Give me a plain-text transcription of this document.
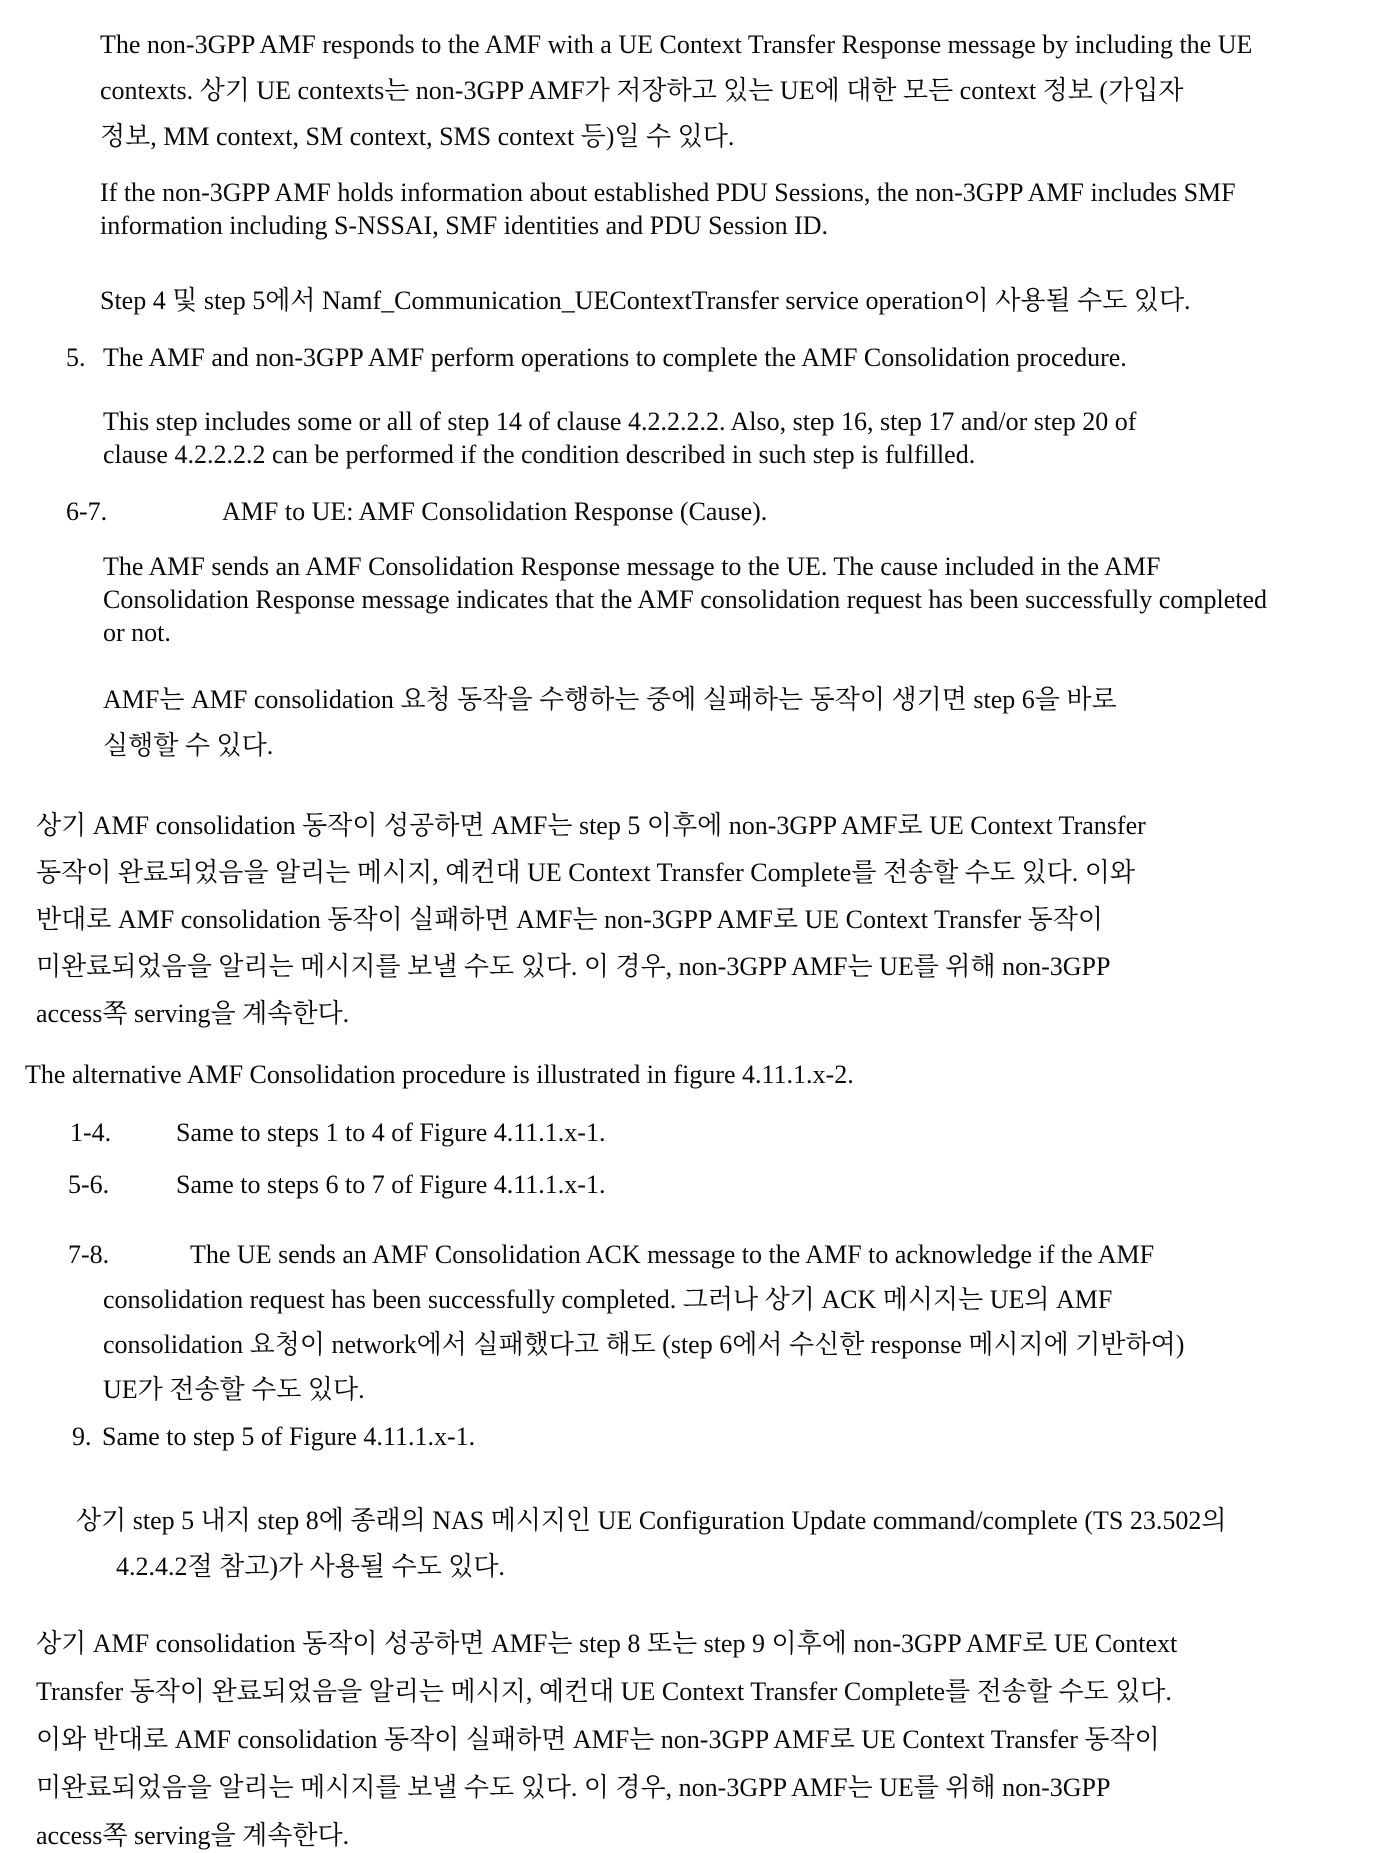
The non-3GPP AMF responds to the AMF with a UE Context Transfer Response message by including the UE
contexts. 상기 UE contexts는 non-3GPP AMF가 저장하고 있는 UE에 대한 모든 context 정보 (가입자
정보, MM context, SM context, SMS context 등)일 수 있다.
If the non-3GPP AMF holds information about established PDU Sessions, the non-3GPP AMF includes SMF
information including S-NSSAI, SMF identities and PDU Session ID.
Step 4 및 step 5에서 Namf_Communication_UEContextTransfer service operation이 사용될 수도 있다.
5. The AMF and non-3GPP AMF perform operations to complete the AMF Consolidation procedure.
This step includes some or all of step 14 of clause 4.2.2.2.2. Also, step 16, step 17 and/or step 20 of
clause 4.2.2.2.2 can be performed if the condition described in such step is fulfilled.
6-7.	AMF to UE: AMF Consolidation Response (Cause).
The AMF sends an AMF Consolidation Response message to the UE. The cause included in the AMF
Consolidation Response message indicates that the AMF consolidation request has been successfully completed
or not.
AMF는 AMF consolidation 요청 동작을 수행하는 중에 실패하는 동작이 생기면 step 6을 바로
실행할 수 있다.
상기 AMF consolidation 동작이 성공하면 AMF는 step 5 이후에 non-3GPP AMF로 UE Context Transfer
동작이 완료되었음을 알리는 메시지, 예컨대 UE Context Transfer Complete를 전송할 수도 있다. 이와
반대로 AMF consolidation 동작이 실패하면 AMF는 non-3GPP AMF로 UE Context Transfer 동작이
미완료되었음을 알리는 메시지를 보낼 수도 있다. 이 경우, non-3GPP AMF는 UE를 위해 non-3GPP
access쪽 serving을 계속한다.
The alternative AMF Consolidation procedure is illustrated in figure 4.11.1.x-2.
1-4.	Same to steps 1 to 4 of Figure 4.11.1.x-1.
5-6.	Same to steps 6 to 7 of Figure 4.11.1.x-1.
7-8.	The UE sends an AMF Consolidation ACK message to the AMF to acknowledge if the AMF
consolidation request has been successfully completed. 그러나 상기 ACK 메시지는 UE의 AMF
consolidation 요청이 network에서 실패했다고 해도 (step 6에서 수신한 response 메시지에 기반하여)
UE가 전송할 수도 있다.
9. Same to step 5 of Figure 4.11.1.x-1.
상기 step 5 내지 step 8에 종래의 NAS 메시지인 UE Configuration Update command/complete (TS 23.502의
4.2.4.2절 참고)가 사용될 수도 있다.
상기 AMF consolidation 동작이 성공하면 AMF는 step 8 또는 step 9 이후에 non-3GPP AMF로 UE Context
Transfer 동작이 완료되었음을 알리는 메시지, 예컨대 UE Context Transfer Complete를 전송할 수도 있다.
이와 반대로 AMF consolidation 동작이 실패하면 AMF는 non-3GPP AMF로 UE Context Transfer 동작이
미완료되었음을 알리는 메시지를 보낼 수도 있다. 이 경우, non-3GPP AMF는 UE를 위해 non-3GPP
access쪽 serving을 계속한다.
